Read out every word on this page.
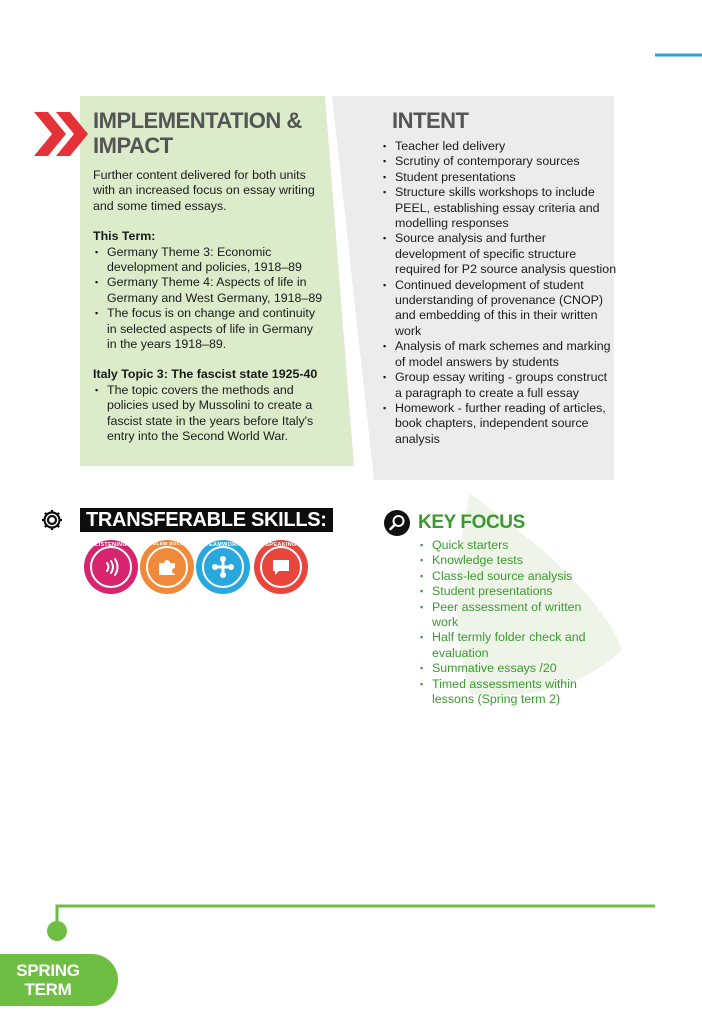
IMPLEMENTATION & IMPACT
Further content delivered for both units with an increased focus on essay writing and some timed essays.
This Term:
▪ Germany Theme 3: Economic development and policies, 1918–89
▪ Germany Theme 4: Aspects of life in Germany and West Germany, 1918–89
▪ The focus is on change and continuity in selected aspects of life in Germany in the years 1918–89.
Italy Topic 3: The fascist state 1925-40
▪ The topic covers the methods and policies used by Mussolini to create a fascist state in the years before Italy's entry into the Second World War.
INTENT
▪ Teacher led delivery
▪ Scrutiny of contemporary sources
▪ Student presentations
▪ Structure skills workshops to include PEEL, establishing essay criteria and modelling responses
▪ Source analysis and further development of specific structure required for P2 source analysis question
▪ Continued development of student understanding of provenance (CNOP) and embedding of this in their written work
▪ Analysis of mark schemes and marking of model answers by students
▪ Group essay writing - groups construct a paragraph to create a full essay
▪ Homework - further reading of articles, book chapters, independent source analysis
TRANSFERABLE SKILLS:
LISTENING	PROBLEM SOLVING	TEAMWORK	SPEAKING
KEY FOCUS
▪ Quick starters
▪ Knowledge tests
▪ Class-led source analysis
▪ Student presentations
▪ Peer assessment of written work
▪ Half termly folder check and evaluation
▪ Summative essays /20
▪ Timed assessments within lessons (Spring term 2)
SPRING
TERM
